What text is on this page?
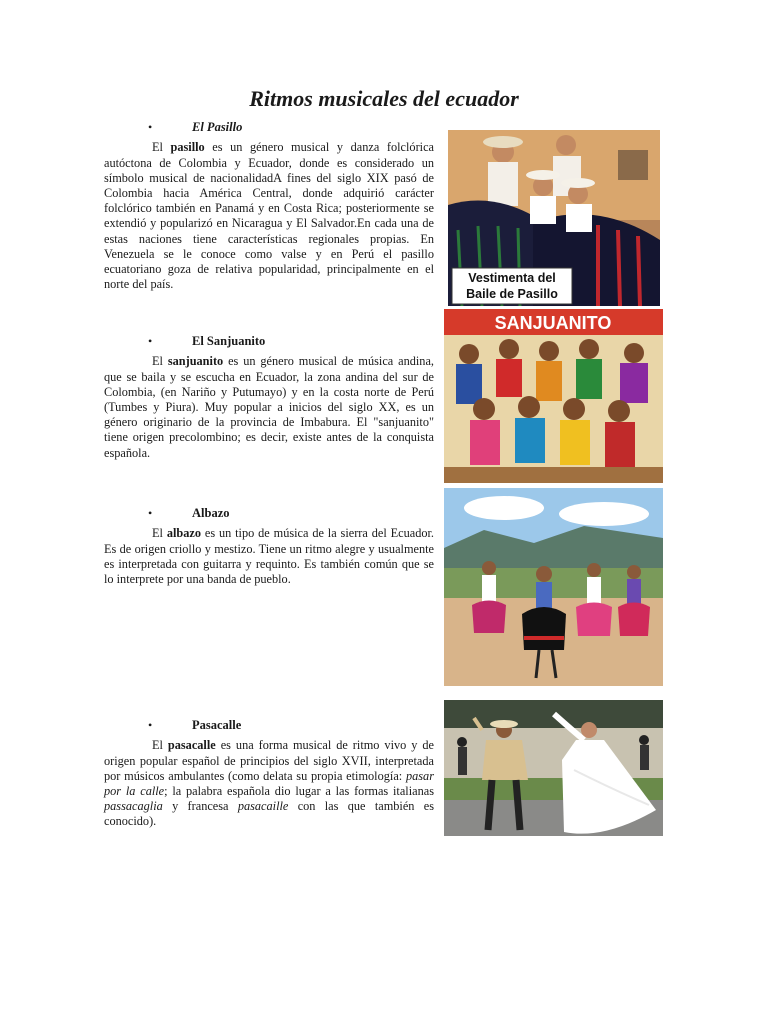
Ritmos musicales del ecuador
•	El Pasillo

El pasillo es un género musical y danza folclórica autóctona de Colombia y Ecuador, donde es considerado un símbolo musical de nacionalidadA fines del siglo XIX pasó de Colombia hacia América Central, donde adquirió carácter folclórico también en Panamá y en Costa Rica; posteriormente se extendió y popularizó en Nicaragua y El Salvador.En cada una de estas naciones tiene características regionales propias. En Venezuela se le conoce como valse y en Perú el pasillo ecuatoriano goza de relativa popularidad, principalmente en el norte del país.	Vestimenta del
Baile de Pasillo
•	El Sanjuanito

El sanjuanito es un género musical de música andina, que se baila y se escucha en Ecuador, la zona andina del sur de Colombia, (en Nariño y Putumayo) y en la costa norte de Perú (Tumbes y Piura). Muy popular a inicios del siglo XX, es un género originario de la provincia de Imbabura. El "sanjuanito" tiene origen precolombino; es decir, existe antes de la conquista española.

SANJUANITO
•	Albazo

El albazo es un tipo de música de la sierra del Ecuador. Es de origen criollo y mestizo. Tiene un ritmo alegre y usualmente es interpretada con guitarra y requinto. Es también común que se lo interprete por una banda de pueblo.

•	Pasacalle

El pasacalle es una forma musical de ritmo vivo y de origen popular español de principios del siglo XVII, interpretada por músicos ambulantes (como delata su propia etimología: pasar por la calle; la palabra española dio lugar a las formas italianas passacaglia y francesa pasacaille con las que también es conocido).
